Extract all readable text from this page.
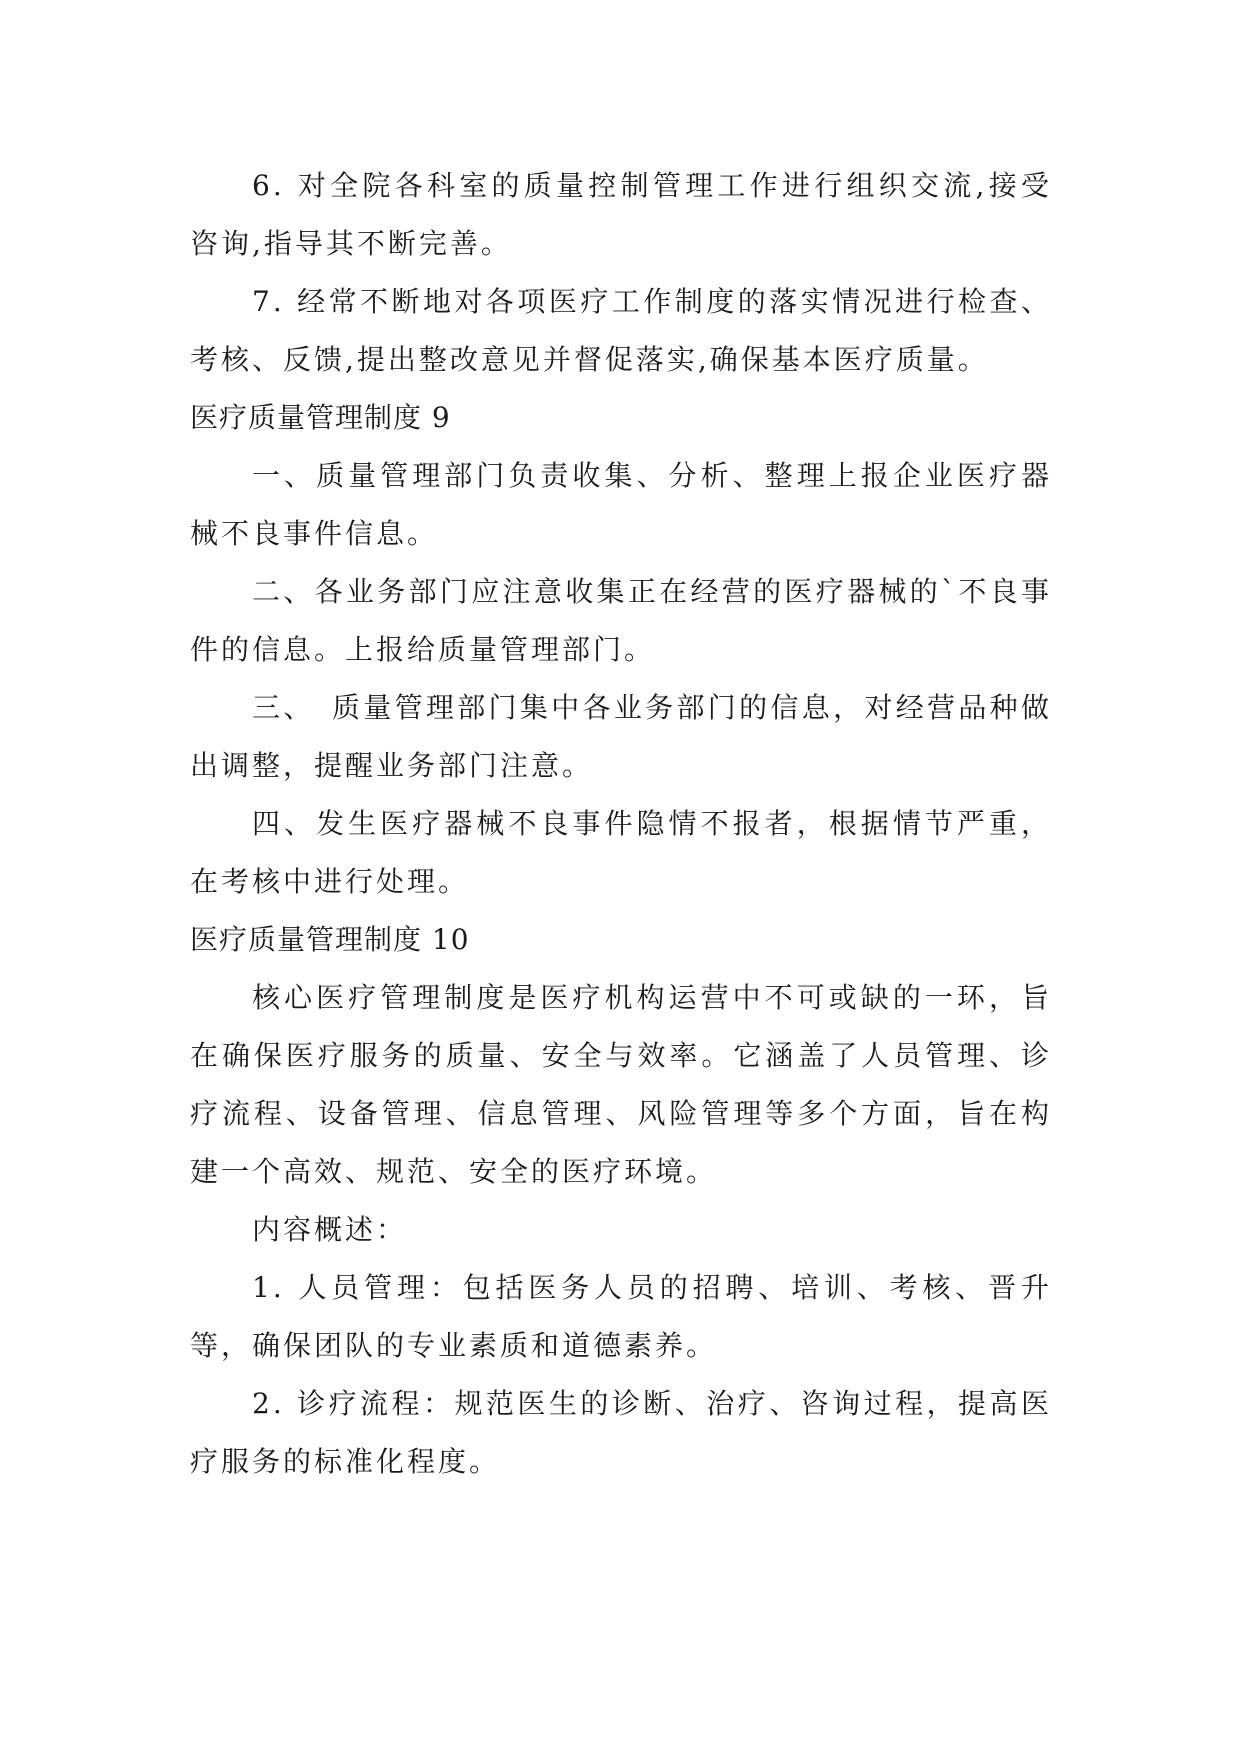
6. 对全院各科室的质量控制管理工作进行组织交流,接受咨询,指导其不断完善。

7. 经常不断地对各项医疗工作制度的落实情况进行检查、考核、反馈,提出整改意见并督促落实,确保基本医疗质量。

医疗质量管理制度 9

一、质量管理部门负责收集、分析、整理上报企业医疗器械不良事件信息。

二、各业务部门应注意收集正在经营的医疗器械的`不良事件的信息。上报给质量管理部门。

三、　质量管理部门集中各业务部门的信息，对经营品种做出调整，提醒业务部门注意。

四、发生医疗器械不良事件隐情不报者，根据情节严重，在考核中进行处理。

医疗质量管理制度 10

核心医疗管理制度是医疗机构运营中不可或缺的一环，旨在确保医疗服务的质量、安全与效率。它涵盖了人员管理、诊疗流程、设备管理、信息管理、风险管理等多个方面，旨在构建一个高效、规范、安全的医疗环境。

内容概述：

1. 人员管理：包括医务人员的招聘、培训、考核、晋升等，确保团队的专业素质和道德素养。

2. 诊疗流程：规范医生的诊断、治疗、咨询过程，提高医疗服务的标准化程度。
